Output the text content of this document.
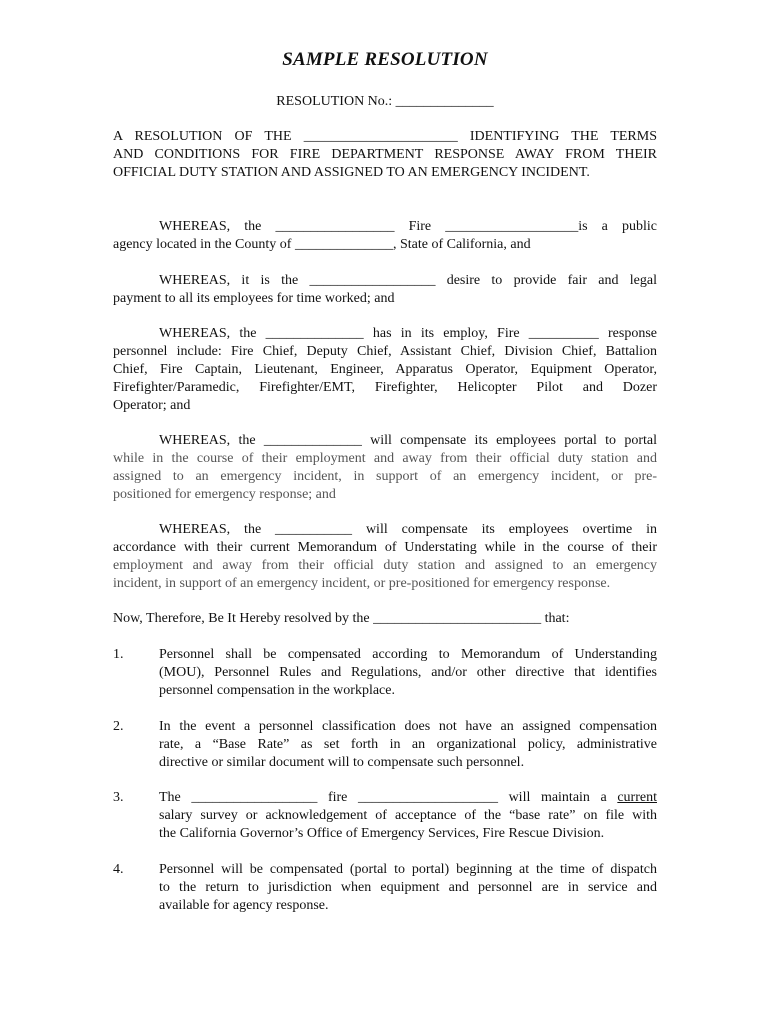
SAMPLE RESOLUTION
RESOLUTION No.: ______________
A RESOLUTION OF THE ______________________ IDENTIFYING THE TERMS
AND CONDITIONS FOR FIRE DEPARTMENT RESPONSE AWAY FROM THEIR
OFFICIAL DUTY STATION AND ASSIGNED TO AN EMERGENCY INCIDENT.
WHEREAS, the _________________ Fire ___________________is a public
agency located in the County of ______________, State of California, and
WHEREAS, it is the __________________ desire to provide fair and legal
payment to all its employees for time worked; and
WHEREAS, the ______________ has in its employ, Fire __________ response
personnel include: Fire Chief, Deputy Chief, Assistant Chief, Division Chief, Battalion
Chief, Fire Captain, Lieutenant, Engineer, Apparatus Operator, Equipment Operator,
Firefighter/Paramedic, Firefighter/EMT, Firefighter, Helicopter Pilot and Dozer
Operator; and
WHEREAS, the ______________ will compensate its employees portal to portal
while in the course of their employment and away from their official duty station and
assigned to an emergency incident, in support of an emergency incident, or pre-
positioned for emergency response; and
WHEREAS, the ___________ will compensate its employees overtime in
accordance with their current Memorandum of Understating while in the course of their
employment and away from their official duty station and assigned to an emergency
incident, in support of an emergency incident, or pre-positioned for emergency response.
Now, Therefore, Be It Hereby resolved by the ________________________ that:
1.	Personnel shall be compensated according to Memorandum of Understanding
(MOU), Personnel Rules and Regulations, and/or other directive that identifies
personnel compensation in the workplace.
2.	In the event a personnel classification does not have an assigned compensation
rate, a “Base Rate” as set forth in an organizational policy, administrative
directive or similar document will to compensate such personnel.
3.	The __________________ fire ____________________ will maintain a current
salary survey or acknowledgement of acceptance of the “base rate” on file with
the California Governor’s Office of Emergency Services, Fire Rescue Division.
4.	Personnel will be compensated (portal to portal) beginning at the time of dispatch
to the return to jurisdiction when equipment and personnel are in service and
available for agency response.
